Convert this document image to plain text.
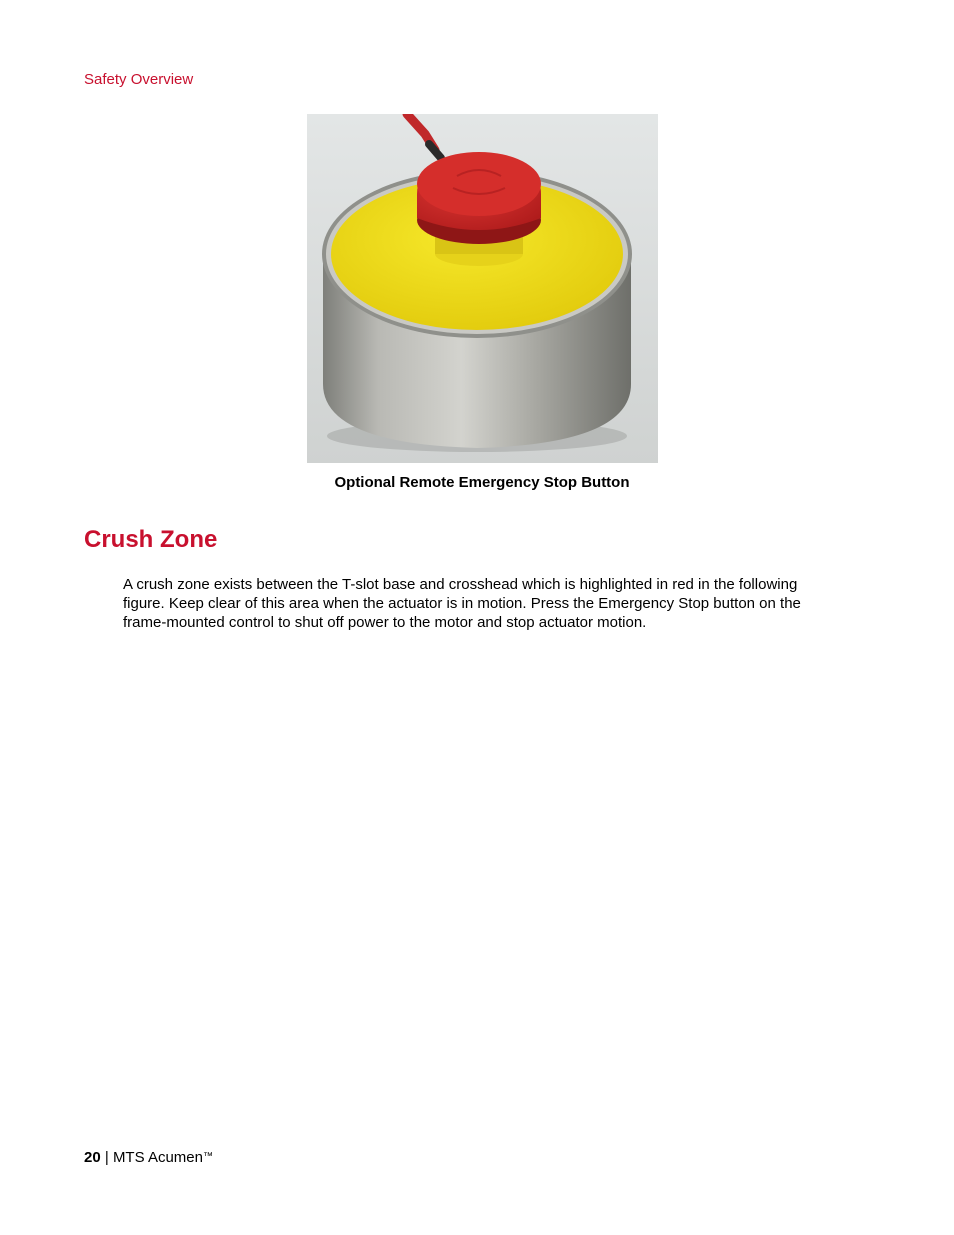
Safety Overview
Optional Remote Emergency Stop Button
Crush Zone

A crush zone exists between the T-slot base and crosshead which is highlighted in red in the following figure. Keep clear of this area when the actuator is in motion. Press the Emergency Stop button on the frame-mounted control to shut off power to the motor and stop actuator motion.

20 | MTS Acumen™
